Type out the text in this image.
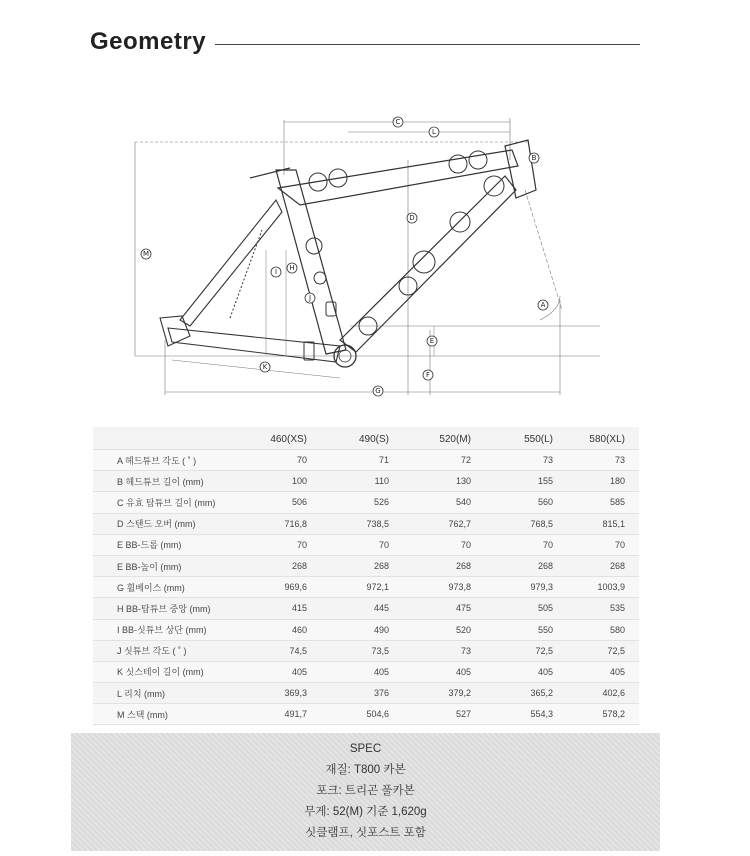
Geometry
C
L
B
D
M
I H
J
A
E
F
K
G
460(XS)	490(S)	520(M)	550(L)	580(XL)
A 헤드튜브 각도 ( ˚ )	70	71	72	73	73
B 헤드튜브 길이 (mm)	100	110	130	155	180
C 유효 탑튜브 길이 (mm)	506	526	540	560	585
D 스탠드 오버 (mm)	716,8	738,5	762,7	768,5	815,1
E BB-드롭 (mm)	70	70	70	70	70
E BB-높이 (mm)	268	268	268	268	268
G 휠베이스 (mm)	969,6	972,1	973,8	979,3	1003,9
H BB-탑튜브 중앙 (mm)	415	445	475	505	535
I BB-싯튜브 상단 (mm)	460	490	520	550	580
J 싯튜브 각도 ( ˚ )	74,5	73,5	73	72,5	72,5
K 싯스테이 길이 (mm)	405	405	405	405	405
L 리치 (mm)	369,3	376	379,2	365,2	402,6
M 스택 (mm)	491,7	504,6	527	554,3	578,2
SPEC
재질: T800 카본
포크: 트리곤 풀카본
무게: 52(M) 기준 1,620g
싯클램프, 싯포스트 포함
